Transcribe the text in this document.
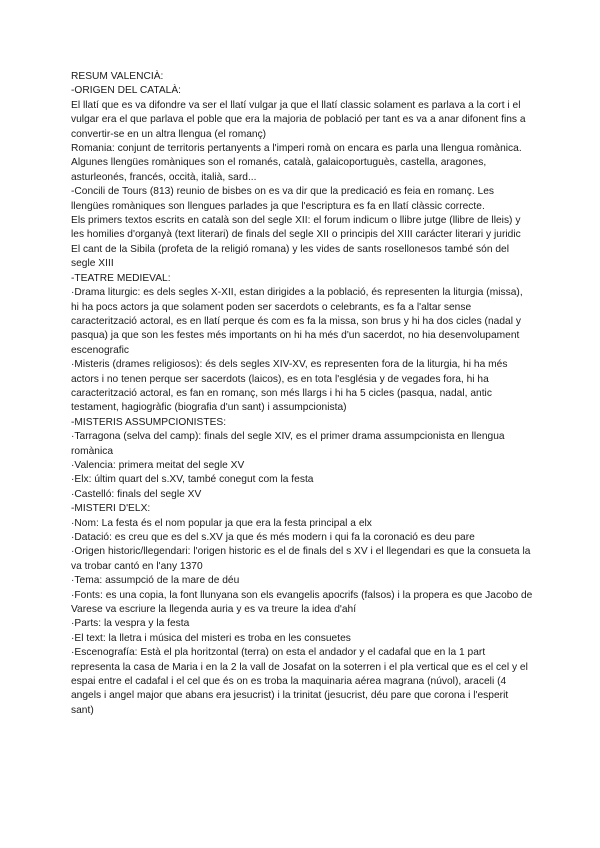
RESUM VALENCIÀ:

-ORIGEN DEL CATALÀ:

El llatí que es va difondre va ser el llatí vulgar ja que el llatí classic solament es parlava a la cort i el vulgar era el que parlava el poble que era la majoria de població per tant es va a anar difonent fins a convertir-se en un altra llengua (el romanç)

Romania: conjunt de territoris pertanyents a l'imperi romà on encara es parla una llengua romànica. Algunes llengües romàniques son el romanés, català, galaicoportuguès, castella, aragones, asturleonés, francés, occità, italià, sard...

-Concili de Tours (813) reunio de bisbes on es va dir que la predicació es feia en romanç. Les llengües romàniques son llengues parlades ja que l'escriptura es fa en llatí clàssic correcte.

Els primers textos escrits en català son del segle XII: el forum indicum o llibre jutge (llibre de lleis) y les homilies d'organyà (text literari) de finals del segle XII o principis del XIII carácter literari y juridic

El cant de la Sibila (profeta de la religió romana) y les vides de sants rosellonesos també són del segle XIII

-TEATRE MEDIEVAL:

·Drama liturgic: es dels segles X-XII, estan dirigides a la població, és representen la liturgia (missa), hi ha pocs actors ja que solament poden ser sacerdots o celebrants, es fa a l'altar sense caracterització actoral, es en llatí perque és com es fa la missa, son brus y hi ha dos cicles (nadal y pasqua) ja que son les festes més importants on hi ha més d'un sacerdot, no hia desenvolupament escenografic

·Misteris (drames religiosos): és dels segles XIV-XV, es representen fora de la liturgia, hi ha més actors i no tenen perque ser sacerdots (laicos), es en tota l'església y de vegades fora, hi ha caracterització actoral, es fan en romanç, son més llargs i hi ha 5 cicles (pasqua, nadal, antic testament, hagiogràfic (biografia d'un sant) i assumpcionista)

-MISTERIS ASSUMPCIONISTES:

·Tarragona (selva del camp): finals del segle XIV, es el primer drama assumpcionista en llengua romànica

·Valencia: primera meitat del segle XV

·Elx: últim quart del s.XV, també conegut com la festa

·Castelló: finals del segle XV

-MISTERI D'ELX:

·Nom: La festa és el nom popular ja que era la festa principal a elx

·Datació: es creu que es del s.XV ja que és més modern i qui fa la coronació es deu pare

·Origen historic/llegendari: l'origen historic es el de finals del s XV i el llegendari es que la consueta la va trobar cantó en l'any 1370

·Tema: assumpció de la mare de déu

·Fonts: es una copia, la font llunyana son els evangelis apocrifs (falsos) i la propera es que Jacobo de Varese va escriure la llegenda auria y es va treure la idea d'ahí

·Parts: la vespra y la festa

·El text: la lletra i música del misteri es troba en les consuetes

·Escenografía: Està el pla horitzontal (terra) on esta el andador y el cadafal que en la 1 part representa la casa de Maria i en la 2 la vall de Josafat on la soterren i el pla vertical que es el cel y el espai entre el cadafal i el cel que és on es troba la maquinaria aérea magrana (núvol), araceli (4 angels i angel major que abans era jesucrist) i la trinitat (jesucrist, déu pare que corona i l'esperit sant)
